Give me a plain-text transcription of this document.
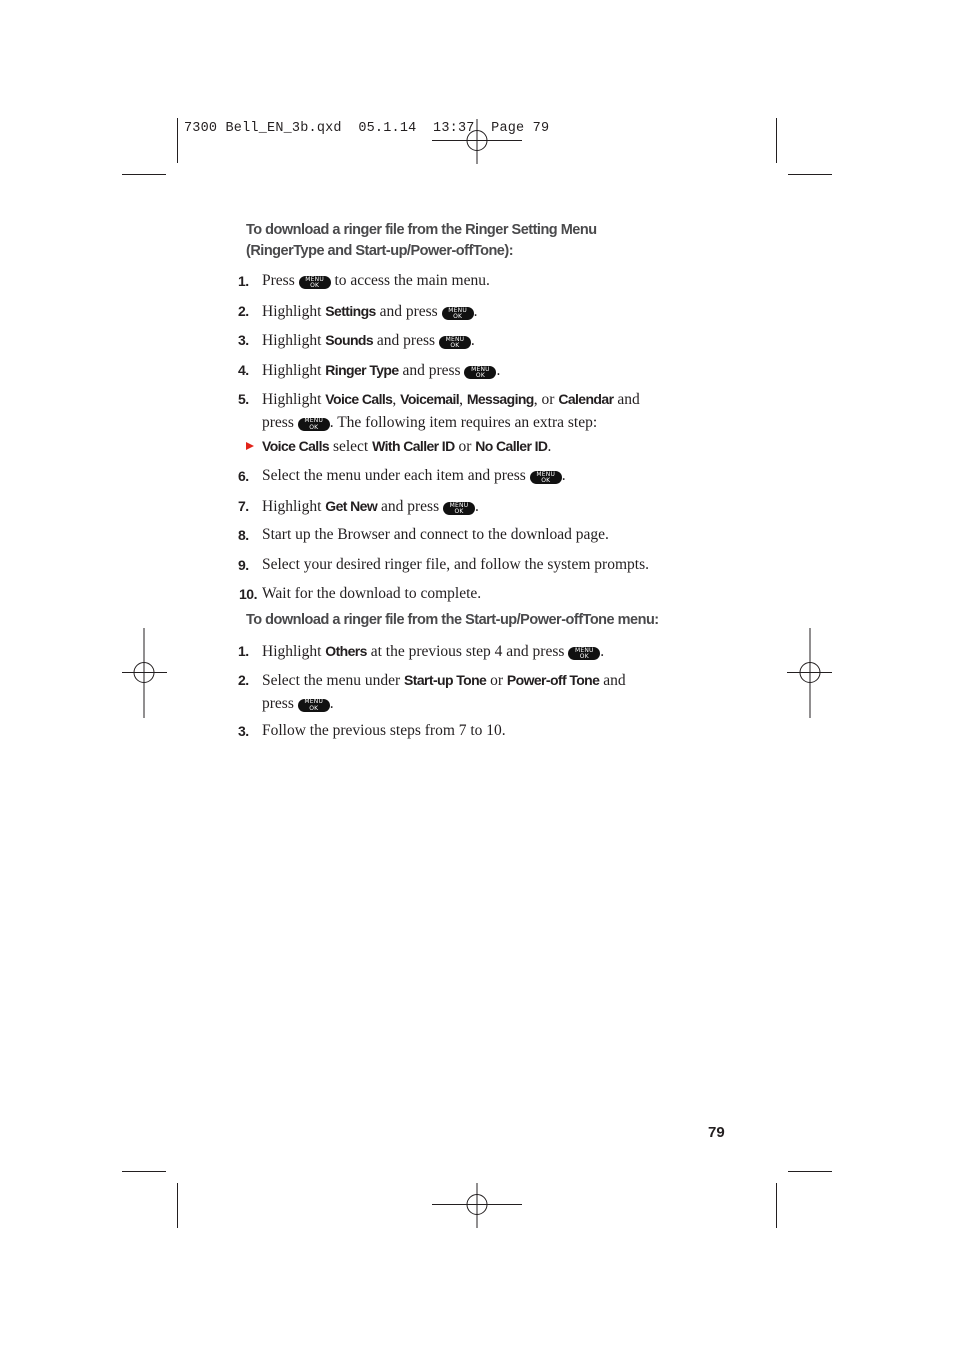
7300 Bell_EN_3b.qxd  05.1.14  13:37  Page 79
To download a ringer file from the Ringer Setting Menu
(RingerType and Start-up/Power-offTone):
1. Press	MENU
OK to access the main menu.
2. Highlight Settings and press	MENU
OK .
3. Highlight Sounds and press	MENU
OK .
4. Highlight Ringer Type and press	MENU
OK .
5. Highlight Voice Calls, Voicemail, Messaging, or Calendar and
press	MENU
OK . The following item requires an extra step:
Voice Calls select With Caller ID or No Caller ID.
6. Select the menu under each item and press	MENU
OK .
7. Highlight Get New and press	MENU
OK .
8. Start up the Browser and connect to the download page.
9. Select your desired ringer file, and follow the system prompts.
10. Wait for the download to complete.
To download a ringer file from the Start-up/Power-offTone menu:
1. Highlight Others at the previous step 4 and press	MENU
OK .
2. Select the menu under Start-up Tone or Power-off Tone and
press	MENU
OK .
3. Follow the previous steps from 7 to 10.
79
